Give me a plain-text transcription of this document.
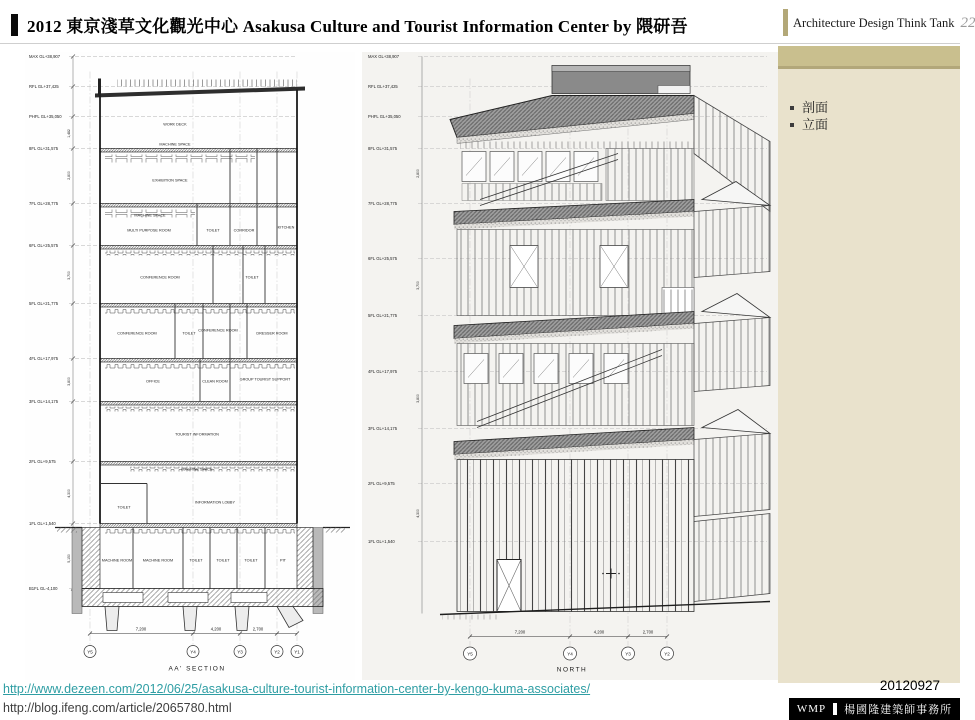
2012 東京淺草文化觀光中心 Asakusa Culture and Tourist Information Center by 隈研吾	Architecture Design Think Tank 22
MAX GL+38,907
RFL GL+37,425
PHFL GL+35,050
8FL GL+31,575
7FL GL+28,775
6FL GL+25,575
5FL GL+21,775
4FL GL+17,975
3FL GL+14,175
2FL GL+9,575
1FL GL+1,540
B1FL GL-4,100
1,482
2,800
3,700
3,800
4,300
5,150
WORK DECK
MACHINE SPACE
EXHIBITION SPACE
MACHINE SPACE
MULTI PURPOSE ROOM	TOILET	CORRIDOR
KITCHEN
CONFERENCE ROOM	TOILET
CONFERENCE ROOM	TOILET
CONFERENCE ROOM
DRESSER ROOM
OFFICE	CLEAN ROOM	GROUP TOURIST SUPPORT
TOURIST INFORMATION
MACHINE SPACE
INFORMATION LOBBY
TOILET
MACHINE ROOM	MACHINE ROOM	TOILET	TOILET	TOILET	PIT
7,200	4,200	2,700
Y5	Y4	Y3	Y2	Y1
AA' SECTION
MAX GL+38,907
RFL GL+37,425
PHFL GL+35,050
8FL GL+31,575
7FL GL+28,775
6FL GL+25,575
5FL GL+21,775
4FL GL+17,975
3FL GL+14,175
2FL GL+9,575
1FL GL+1,540
2,800
3,700
3,800
4,300
7,200	4,200	2,700
Y5	Y4	Y3	Y2
NORTH
剖面
立面
http://www.dezeen.com/2012/06/25/asakusa-culture-tourist-information-center-by-kengo-kuma-associates/
http://blog.ifeng.com/article/2065780.html
20120927
WMP 楊國隆建築師事務所
